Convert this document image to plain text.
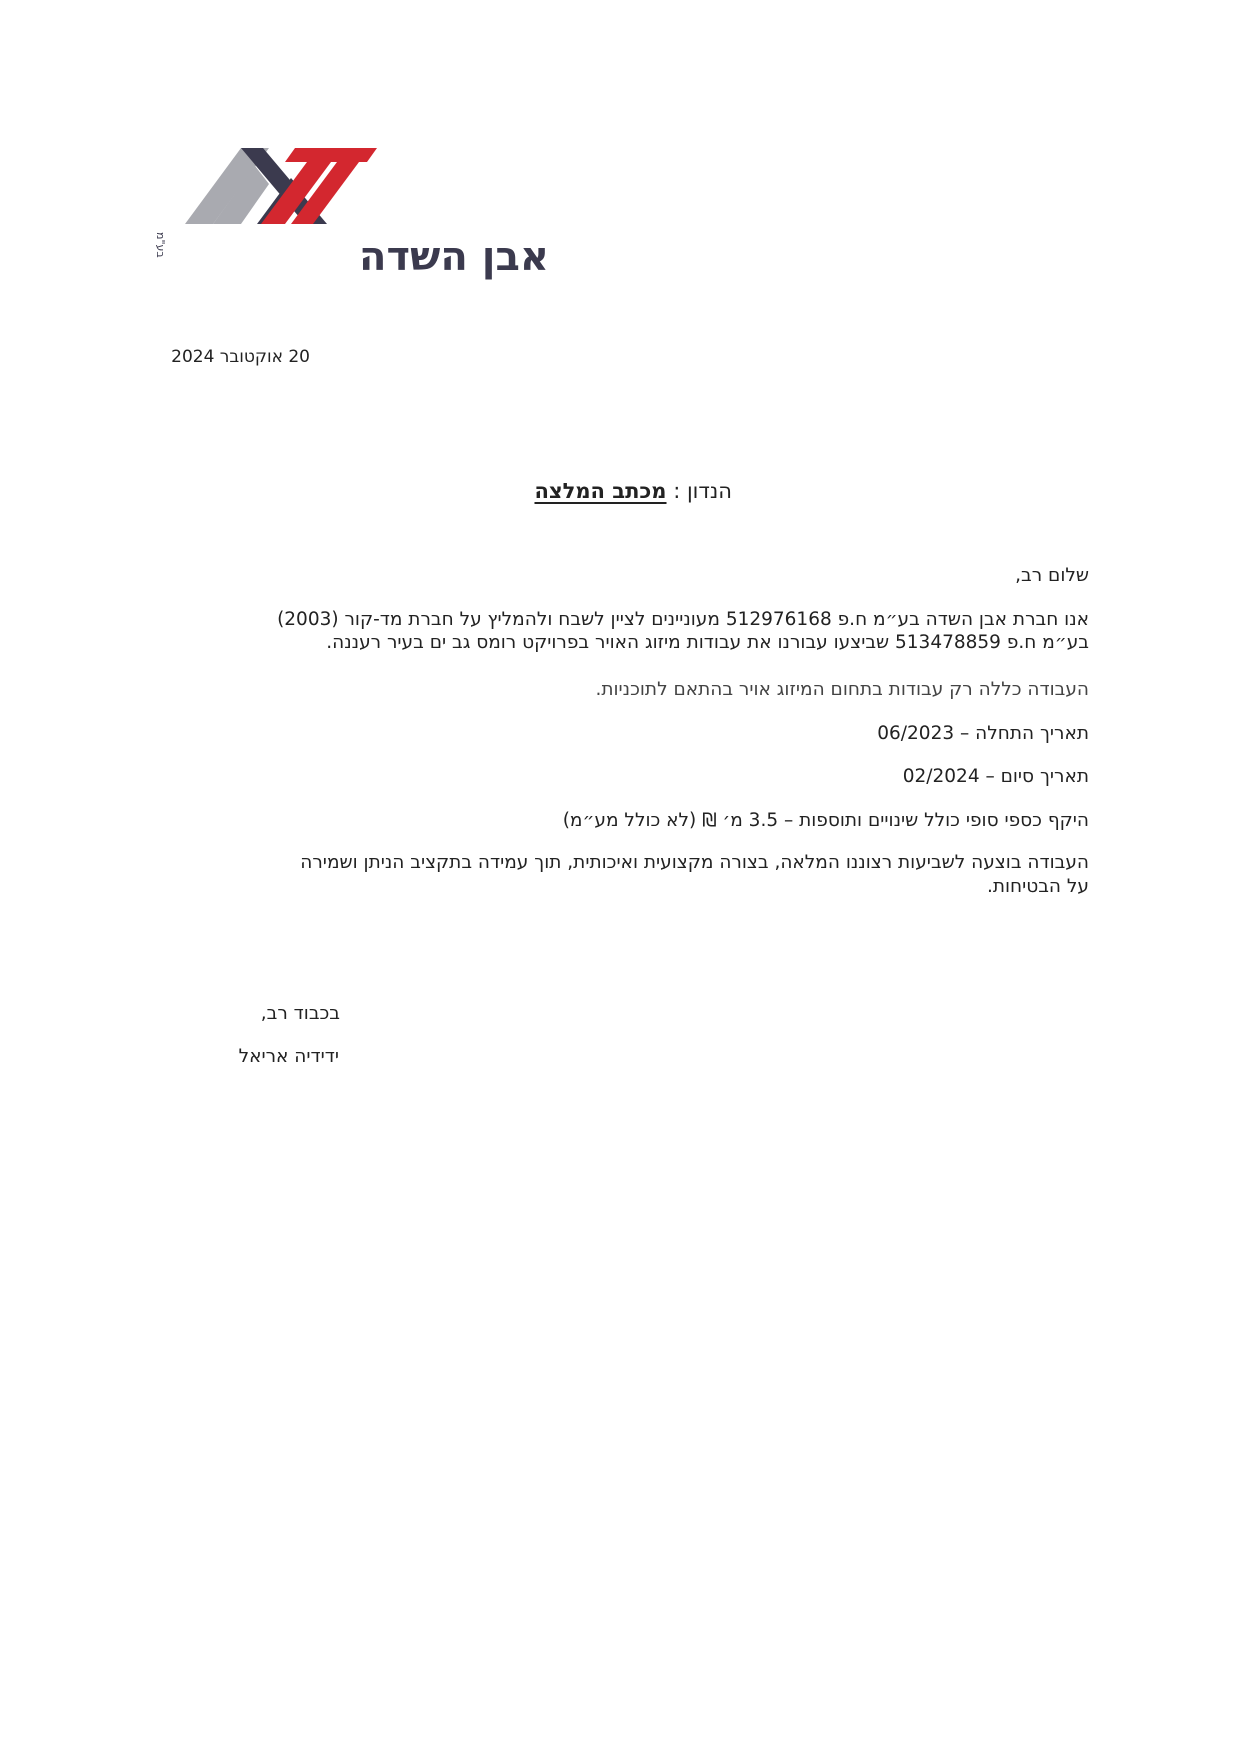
אבן השדה
בע"מ
20 אוקטובר 2024
הנדון : מכתב המלצה
שלום רב,
אנו חברת אבן השדה בע״מ ח.פ 512976168 מעוניינים לציין לשבח ולהמליץ על חברת מד-קור (2003)
בע״מ ח.פ 513478859 שביצעו עבורנו את עבודות מיזוג האויר בפרויקט רומס גב ים בעיר רעננה.
העבודה כללה רק עבודות בתחום המיזוג אויר בהתאם לתוכניות.
תאריך התחלה – 06/2023
תאריך סיום – 02/2024
היקף כספי סופי כולל שינויים ותוספות – 3.5 מ׳ ₪ (לא כולל מע״מ)
העבודה בוצעה לשביעות רצוננו המלאה, בצורה מקצועית ואיכותית, תוך עמידה בתקציב הניתן ושמירה
על הבטיחות.
בכבוד רב,
ידידיה אריאל
